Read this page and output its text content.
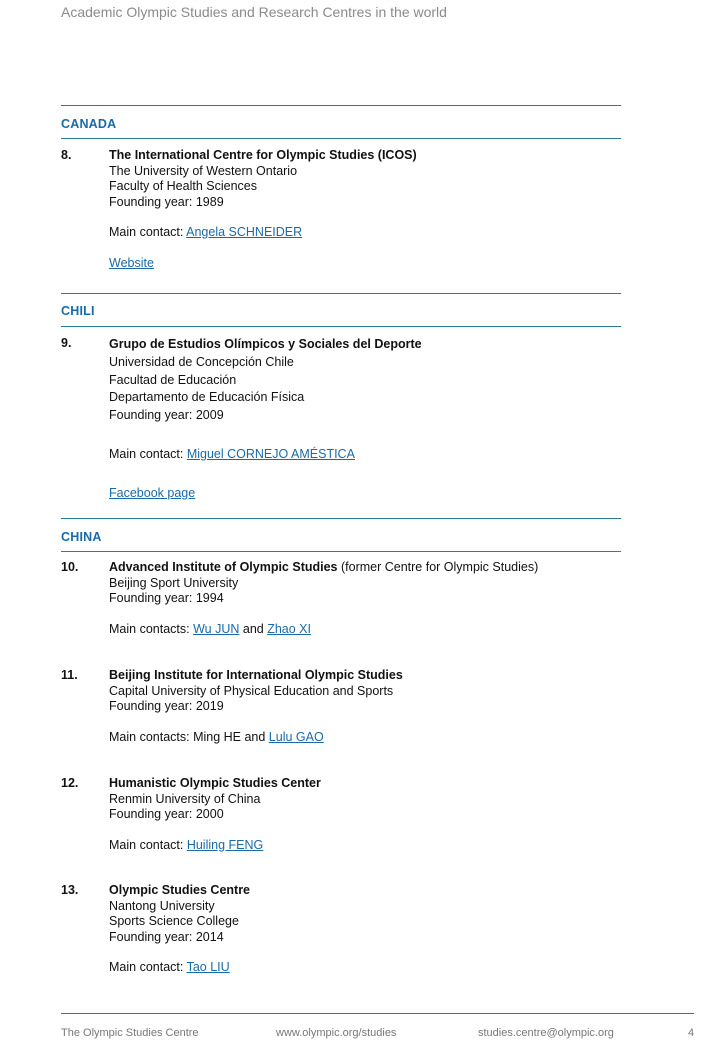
Academic Olympic Studies and Research Centres in the world
CANADA
8.	The International Centre for Olympic Studies (ICOS)
The University of Western Ontario
Faculty of Health Sciences
Founding year: 1989
Main contact: Angela SCHNEIDER
Website
CHILI
9.	Grupo de Estudios Olímpicos y Sociales del Deporte
Universidad de Concepción Chile
Facultad de Educación
Departamento de Educación Física
Founding year: 2009
Main contact: Miguel CORNEJO AMÉSTICA
Facebook page
CHINA
10. Advanced Institute of Olympic Studies (former Centre for Olympic Studies)
Beijing Sport University
Founding year: 1994
Main contacts: Wu JUN and Zhao XI
11.	Beijing Institute for International Olympic Studies
Capital University of Physical Education and Sports
Founding year: 2019
Main contacts: Ming HE and Lulu GAO
12. Humanistic Olympic Studies Center
Renmin University of China
Founding year: 2000
Main contact: Huiling FENG
13. Olympic Studies Centre
Nantong University
Sports Science College
Founding year: 2014
Main contact: Tao LIU
The Olympic Studies Centre	www.olympic.org/studies	studies.centre@olympic.org	4
